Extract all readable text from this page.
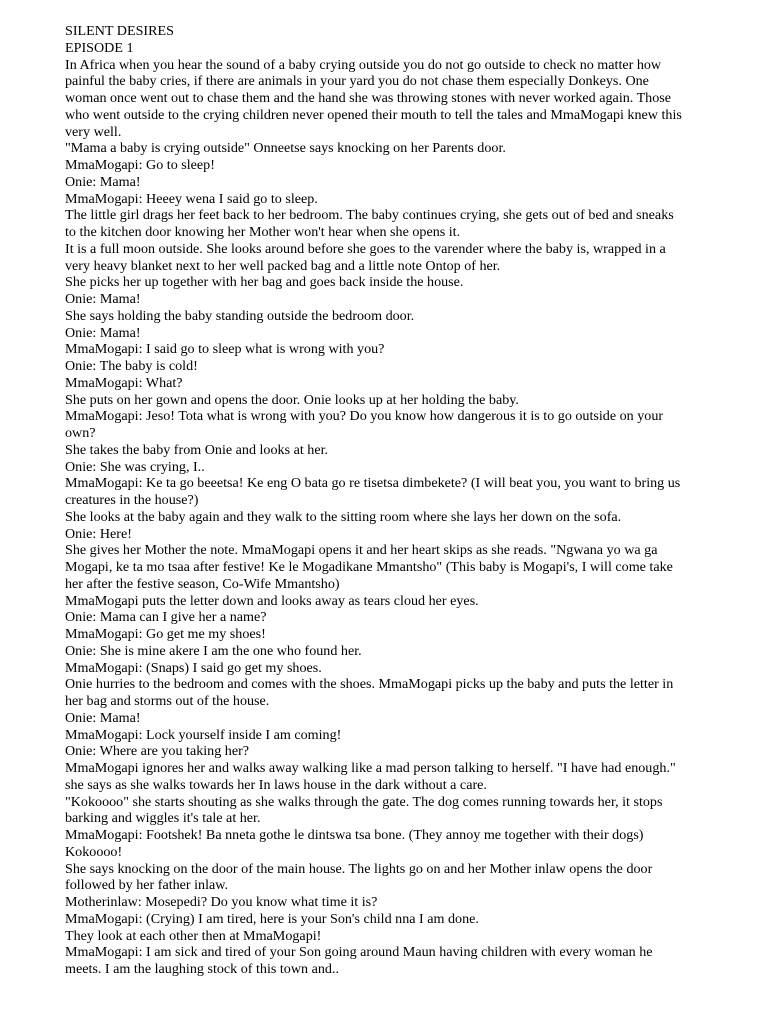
SILENT DESIRES
EPISODE 1
In Africa when you hear the sound of a baby crying outside you do not go outside to check no matter how
painful the baby cries, if there are animals in your yard you do not chase them especially Donkeys. One
woman once went out to chase them and the hand she was throwing stones with never worked again. Those
who went outside to the crying children never opened their mouth to tell the tales and MmaMogapi knew this
very well.
"Mama a baby is crying outside" Onneetse says knocking on her Parents door.
MmaMogapi: Go to sleep!
Onie: Mama!
MmaMogapi: Heeey wena I said go to sleep.
The little girl drags her feet back to her bedroom. The baby continues crying, she gets out of bed and sneaks
to the kitchen door knowing her Mother won't hear when she opens it.
It is a full moon outside. She looks around before she goes to the varender where the baby is, wrapped in a
very heavy blanket next to her well packed bag and a little note Ontop of her.
She picks her up together with her bag and goes back inside the house.
Onie: Mama!
She says holding the baby standing outside the bedroom door.
Onie: Mama!
MmaMogapi: I said go to sleep what is wrong with you?
Onie: The baby is cold!
MmaMogapi: What?
She puts on her gown and opens the door. Onie looks up at her holding the baby.
MmaMogapi: Jeso! Tota what is wrong with you? Do you know how dangerous it is to go outside on your
own?
She takes the baby from Onie and looks at her.
Onie: She was crying, I..
MmaMogapi: Ke ta go beeetsa! Ke eng O bata go re tisetsa dimbekete? (I will beat you, you want to bring us
creatures in the house?)
She looks at the baby again and they walk to the sitting room where she lays her down on the sofa.
Onie: Here!
She gives her Mother the note. MmaMogapi opens it and her heart skips as she reads. "Ngwana yo wa ga
Mogapi, ke ta mo tsaa after festive! Ke le Mogadikane Mmantsho" (This baby is Mogapi's, I will come take
her after the festive season, Co-Wife Mmantsho)
MmaMogapi puts the letter down and looks away as tears cloud her eyes.
Onie: Mama can I give her a name?
MmaMogapi: Go get me my shoes!
Onie: She is mine akere I am the one who found her.
MmaMogapi: (Snaps) I said go get my shoes.
Onie hurries to the bedroom and comes with the shoes. MmaMogapi picks up the baby and puts the letter in
her bag and storms out of the house.
Onie: Mama!
MmaMogapi: Lock yourself inside I am coming!
Onie: Where are you taking her?
MmaMogapi ignores her and walks away walking like a mad person talking to herself. "I have had enough."
she says as she walks towards her In laws house in the dark without a care.
"Kokoooo" she starts shouting as she walks through the gate. The dog comes running towards her, it stops
barking and wiggles it's tale at her.
MmaMogapi: Footshek! Ba nneta gothe le dintswa tsa bone. (They annoy me together with their dogs)
Kokoooo!
She says knocking on the door of the main house. The lights go on and her Mother inlaw opens the door
followed by her father inlaw.
Motherinlaw: Mosepedi? Do you know what time it is?
MmaMogapi: (Crying) I am tired, here is your Son's child nna I am done.
They look at each other then at MmaMogapi!
MmaMogapi: I am sick and tired of your Son going around Maun having children with every woman he
meets. I am the laughing stock of this town and..
